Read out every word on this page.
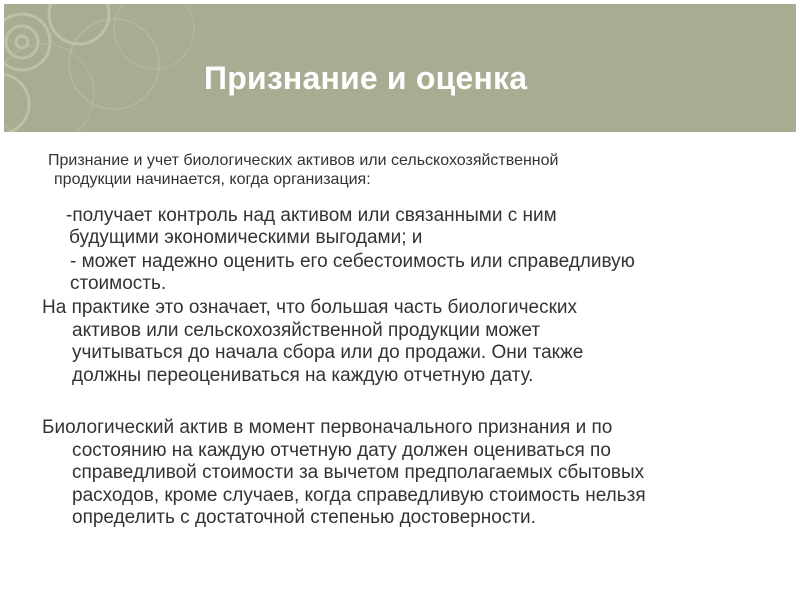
Признание и оценка

Признание и учет биологических активов или сельскохозяйственной
продукции начинается, когда организация:

-получает контроль над активом или связанными с ним
будущими экономическими выгодами; и

- может надежно оценить его себестоимость или справедливую
стоимость.

На практике это означает, что большая часть биологических
активов или сельскохозяйственной продукции может
учитываться до начала сбора или до продажи. Они также
должны переоцениваться на каждую отчетную дату.

Биологический актив в момент первоначального признания и по
состоянию на каждую отчетную дату должен оцениваться по
справедливой стоимости за вычетом предполагаемых сбытовых
расходов, кроме случаев, когда справедливую стоимость нельзя
определить с достаточной степенью достоверности.
